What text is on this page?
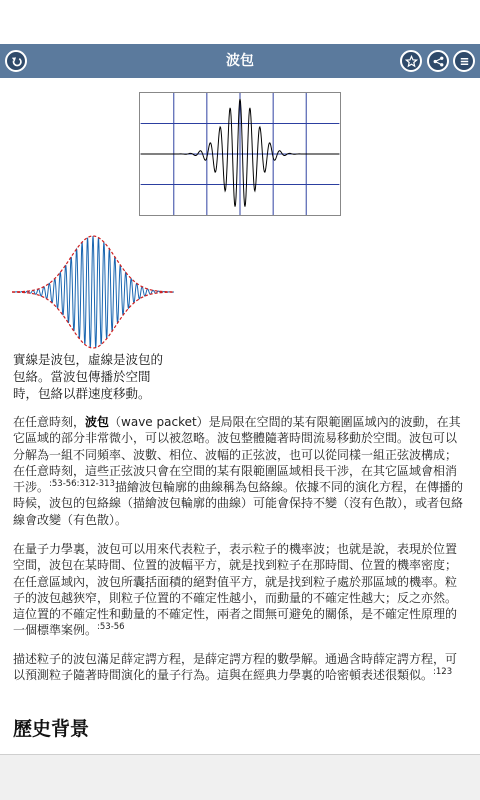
波包
實線是波包，虛線是波包的包絡。當波包傳播於空間時，包絡以群速度移動。
在任意時刻，波包（wave packet）是局限在空間的某有限範圍區域內的波動，在其它區域的部分非常微小，可以被忽略。波包整體隨著時間流易移動於空間。波包可以分解為一組不同頻率、波數、相位、波幅的正弦波，也可以從同樣一組正弦波構成；在任意時刻，這些正弦波只會在空間的某有限範圍區域相長干涉，在其它區域會相消干涉。$^{:53-56:312-313}$描繪波包輪廓的曲線稱為包絡線。依據不同的演化方程，在傳播的時候，波包的包絡線（描繪波包輪廓的曲線）可能會保持不變（沒有色散），或者包絡線會改變（有色散）。
在量子力學裏，波包可以用來代表粒子，表示粒子的機率波；也就是說，表現於位置空間，波包在某時間、位置的波幅平方，就是找到粒子在那時間、位置的機率密度；在任意區域內，波包所囊括面積的絕對值平方，就是找到粒子處於那區域的機率。粒子的波包越狹窄，則粒子位置的不確定性越小，而動量的不確定性越大；反之亦然。這位置的不確定性和動量的不確定性，兩者之間無可避免的關係，是不確定性原理的一個標準案例。$^{:53-56}$
描述粒子的波包滿足薛定諤方程，是薛定諤方程的數學解。通過含時薛定諤方程，可以預測粒子隨著時間演化的量子行為。這與在經典力學裏的哈密頓表述很類似。$^{:123}$
歷史背景
